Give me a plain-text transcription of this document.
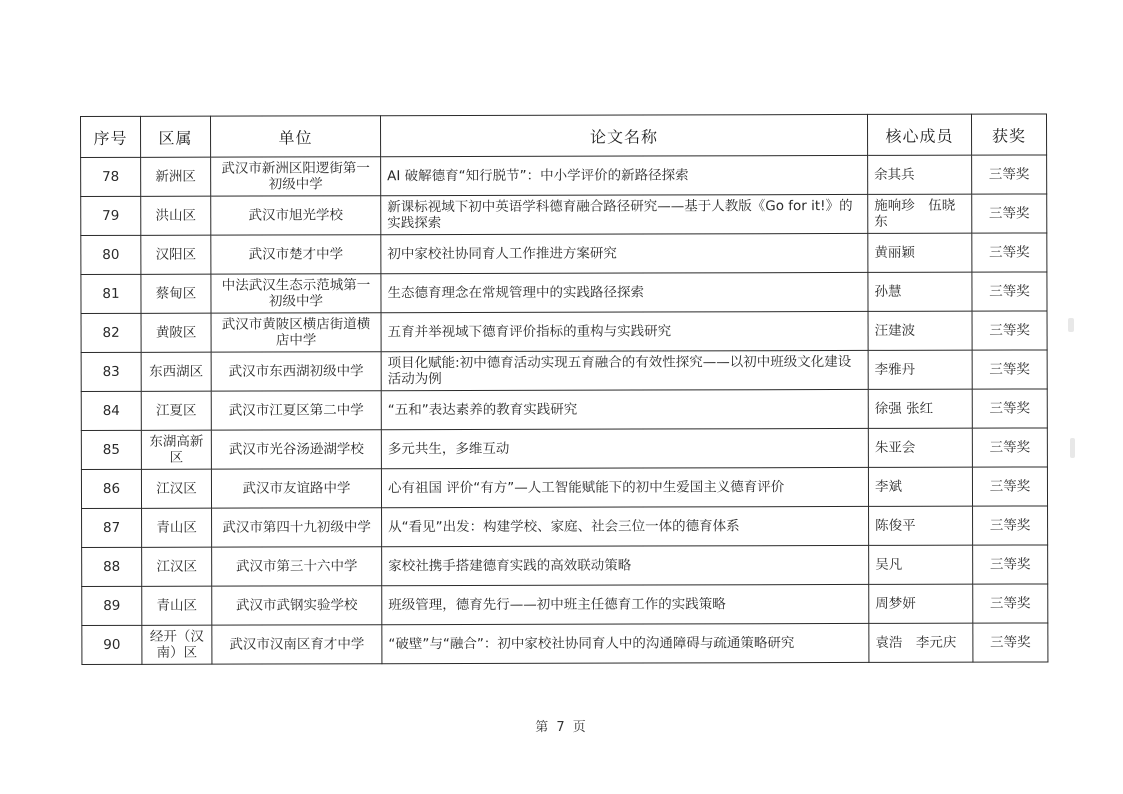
序号	区属	单位	论文名称	核心成员	获奖
78	新洲区	武汉市新洲区阳逻街第一初级中学	AI 破解德育“知行脱节”：中小学评价的新路径探索	余其兵	三等奖
79	洪山区	武汉市旭光学校	新课标视域下初中英语学科德育融合路径研究——基于人教版《Go for it!》的实践探索	施响珍　伍晓东	三等奖
80	汉阳区	武汉市楚才中学	初中家校社协同育人工作推进方案研究	黄丽颖	三等奖
81	蔡甸区	中法武汉生态示范城第一初级中学	生态德育理念在常规管理中的实践路径探索	孙慧	三等奖
82	黄陂区	武汉市黄陂区横店街道横店中学	五育并举视域下德育评价指标的重构与实践研究	汪建波	三等奖
83	东西湖区	武汉市东西湖初级中学	项目化赋能:初中德育活动实现五育融合的有效性探究——以初中班级文化建设活动为例	李雅丹	三等奖
84	江夏区	武汉市江夏区第二中学	“五和”表达素养的教育实践研究	徐强 张红	三等奖
85	东湖高新区	武汉市光谷汤逊湖学校	多元共生，多维互动	朱亚会	三等奖
86	江汉区	武汉市友谊路中学	心有祖国 评价“有方”—人工智能赋能下的初中生爱国主义德育评价	李斌	三等奖
87	青山区	武汉市第四十九初级中学	从“看见”出发：构建学校、家庭、社会三位一体的德育体系	陈俊平	三等奖
88	江汉区	武汉市第三十六中学	家校社携手搭建德育实践的高效联动策略	吴凡	三等奖
89	青山区	武汉市武钢实验学校	班级管理，德育先行——初中班主任德育工作的实践策略	周梦妍	三等奖
90	经开（汉南）区	武汉市汉南区育才中学	“破壁”与“融合”：初中家校社协同育人中的沟通障碍与疏通策略研究	袁浩　李元庆	三等奖
第 7 页
